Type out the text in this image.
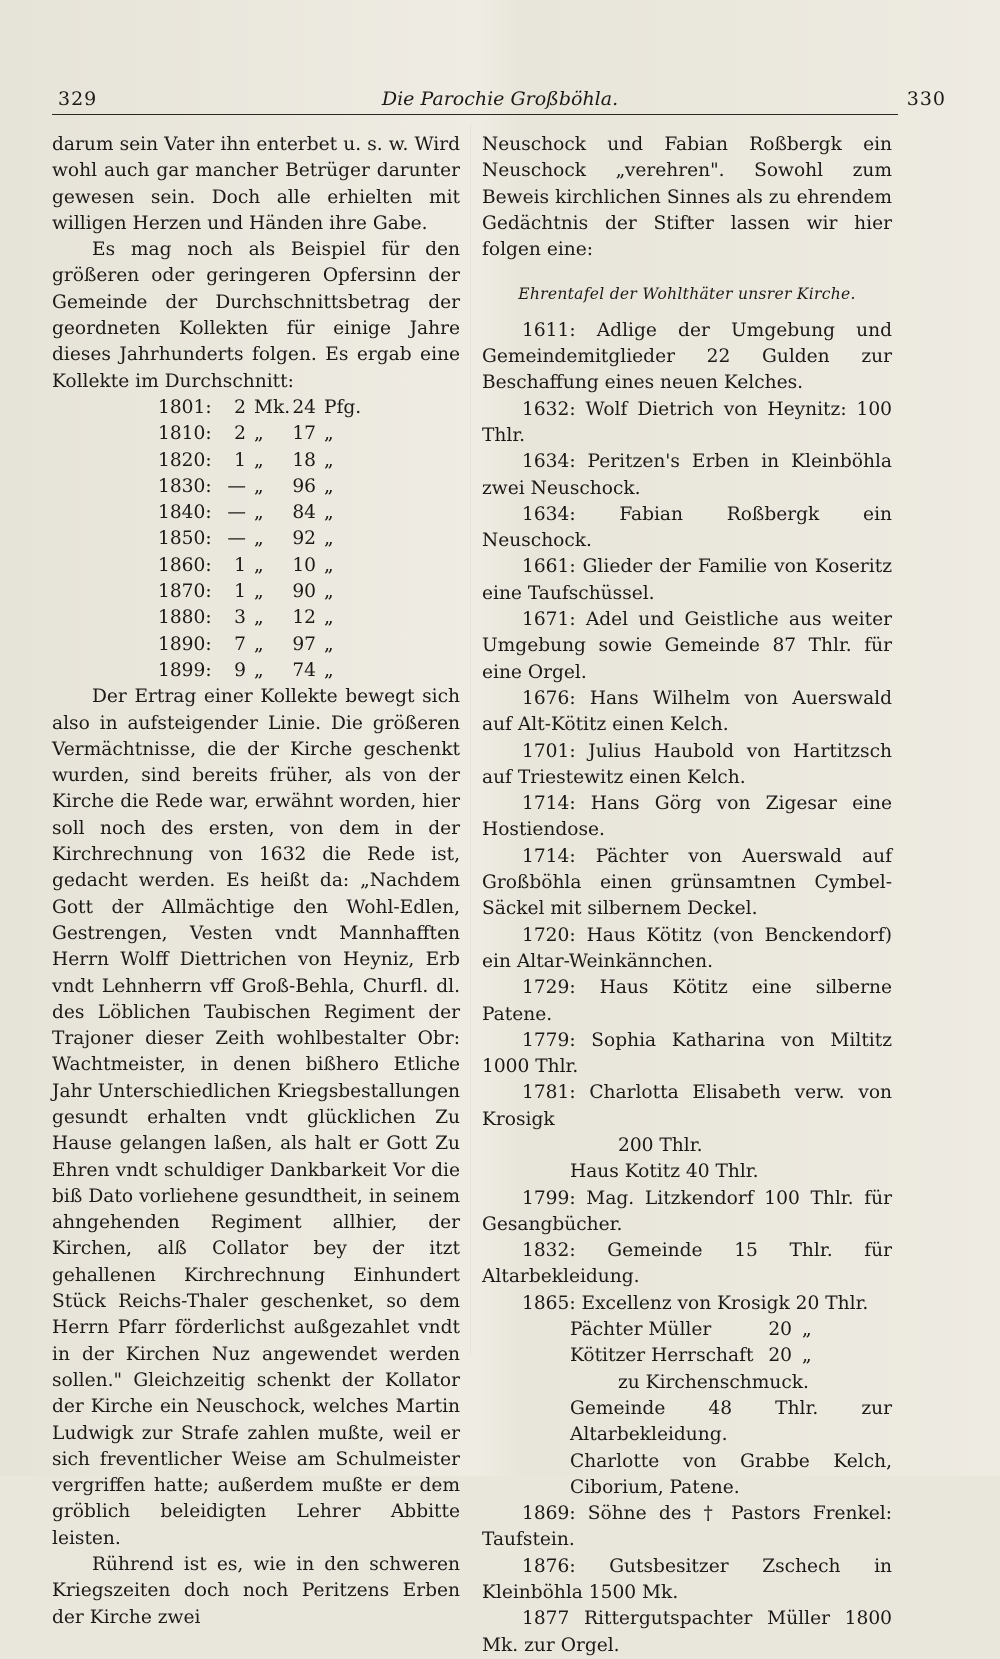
329	Die Parochie Großböhla.	330

darum sein Vater ihn enterbet u. s. w. Wird wohl auch gar mancher Betrüger darunter gewesen sein. Doch alle erhielten mit willigen Herzen und Händen ihre Gabe.

Es mag noch als Beispiel für den größeren oder geringeren Opfersinn der Gemeinde der Durchschnittsbetrag der geordneten Kollekten für einige Jahre dieses Jahrhunderts folgen. Es ergab eine Kollekte im Durchschnitt:

1801:	2 Mk. 24 Pfg.
1810:	2 „	17 „
1820:	1 „	18 „
1830: — „	96 „
1840: — „	84 „
1850: — „	92 „
1860:	1 „	10 „
1870:	1 „	90 „
1880:	3 „	12 „
1890:	7 „	97 „
1899:	9 „	74 „

Der Ertrag einer Kollekte bewegt sich also in aufsteigender Linie. Die größeren Vermächtnisse, die der Kirche geschenkt wurden, sind bereits früher, als von der Kirche die Rede war, erwähnt worden, hier soll noch des ersten, von dem in der Kirchrechnung von 1632 die Rede ist, gedacht werden. Es heißt da: „Nachdem Gott der Allmächtige den Wohl-Edlen, Gestrengen, Vesten vndt Mannhafften Herrn Wolff Diettrichen von Heyniz, Erb vndt Lehnherrn vff Groß-Behla, Churfl. dl. des Löblichen Taubischen Regiment der Trajoner dieser Zeith wohlbestalter Obr: Wachtmeister, in denen bißhero Etliche Jahr Unterschiedlichen Kriegsbestallungen gesundt erhalten vndt glücklichen Zu Hause gelangen laßen, als halt er Gott Zu Ehren vndt schuldiger Dankbarkeit Vor die biß Dato vorliehene gesundtheit, in seinem ahngehenden Regiment allhier, der Kirchen, alß Collator bey der itzt gehallenen Kirchrechnung Einhundert Stück Reichs-Thaler geschenket, so dem Herrn Pfarr förderlichst außgezahlet vndt in der Kirchen Nuz angewendet werden sollen." Gleichzeitig schenkt der Kollator der Kirche ein Neuschock, welches Martin Ludwigk zur Strafe zahlen mußte, weil er sich freventlicher Weise am Schulmeister vergriffen hatte; außerdem mußte er dem gröblich beleidigten Lehrer Abbitte leisten.

Rührend ist es, wie in den schweren Kriegszeiten doch noch Peritzens Erben der Kirche zwei

Neuschock und Fabian Roßbergk ein Neuschock „verehren". Sowohl zum Beweis kirchlichen Sinnes als zu ehrendem Gedächtnis der Stifter lassen wir hier folgen eine:

Ehrentafel der Wohlthäter unsrer Kirche.

1611: Adlige der Umgebung und Gemeindemitglieder 22 Gulden zur Beschaffung eines neuen Kelches.

1632: Wolf Dietrich von Heynitz: 100 Thlr.

1634: Peritzen's Erben in Kleinböhla zwei Neuschock.

1634: Fabian Roßbergk ein Neuschock.

1661: Glieder der Familie von Koseritz eine Taufschüssel.

1671: Adel und Geistliche aus weiter Umgebung sowie Gemeinde 87 Thlr. für eine Orgel.

1676: Hans Wilhelm von Auerswald auf Alt-Kötitz einen Kelch.

1701: Julius Haubold von Hartitzsch auf Triestewitz einen Kelch.

1714: Hans Görg von Zigesar eine Hostiendose.

1714: Pächter von Auerswald auf Großböhla einen grünsamtnen Cymbel-Säckel mit silbernem Deckel.

1720: Haus Kötitz (von Benckendorf) ein Altar-Weinkännchen.

1729: Haus Kötitz eine silberne Patene.

1779: Sophia Katharina von Miltitz 1000 Thlr.

1781: Charlotta Elisabeth verw. von Krosigk

200 Thlr.

Haus Kotitz 40 Thlr.

1799: Mag. Litzkendorf 100 Thlr. für Gesangbücher.

1832: Gemeinde 15 Thlr. für Altarbekleidung.

1865: Excellenz von Krosigk 20 Thlr.

Pächter Müller	20 „
Kötitzer Herrschaft 20 „

zu Kirchenschmuck.

Gemeinde 48 Thlr. zur Altarbekleidung.

Charlotte von Grabbe Kelch, Ciborium, Patene.

1869: Söhne des † Pastors Frenkel: Taufstein.

1876: Gutsbesitzer Zschech in Kleinböhla 1500 Mk.

1877 Rittergutspachter Müller 1800 Mk. zur Orgel.
